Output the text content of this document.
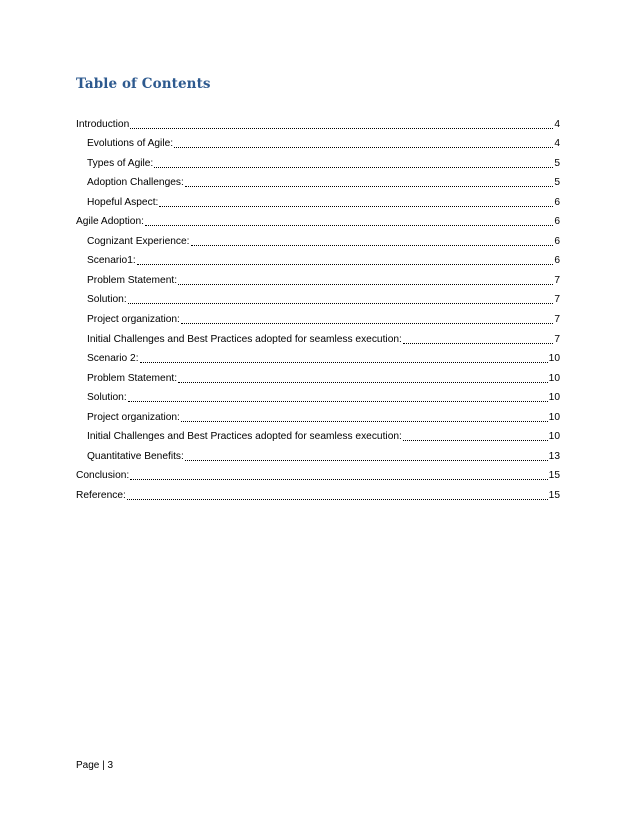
Table of Contents
Introduction	4
Evolutions of Agile:	4
Types of Agile:	5
Adoption Challenges:	5
Hopeful Aspect:	6
Agile Adoption:	6
Cognizant Experience:	6
Scenario1:	6
Problem Statement:	7
Solution:	7
Project organization:	7
Initial Challenges and Best Practices adopted for seamless execution:	7
Scenario 2:	10
Problem Statement:	10
Solution:	10
Project organization:	10
Initial Challenges and Best Practices adopted for seamless execution:	10
Quantitative Benefits:	13
Conclusion:	15
Reference:	15
Page | 3
